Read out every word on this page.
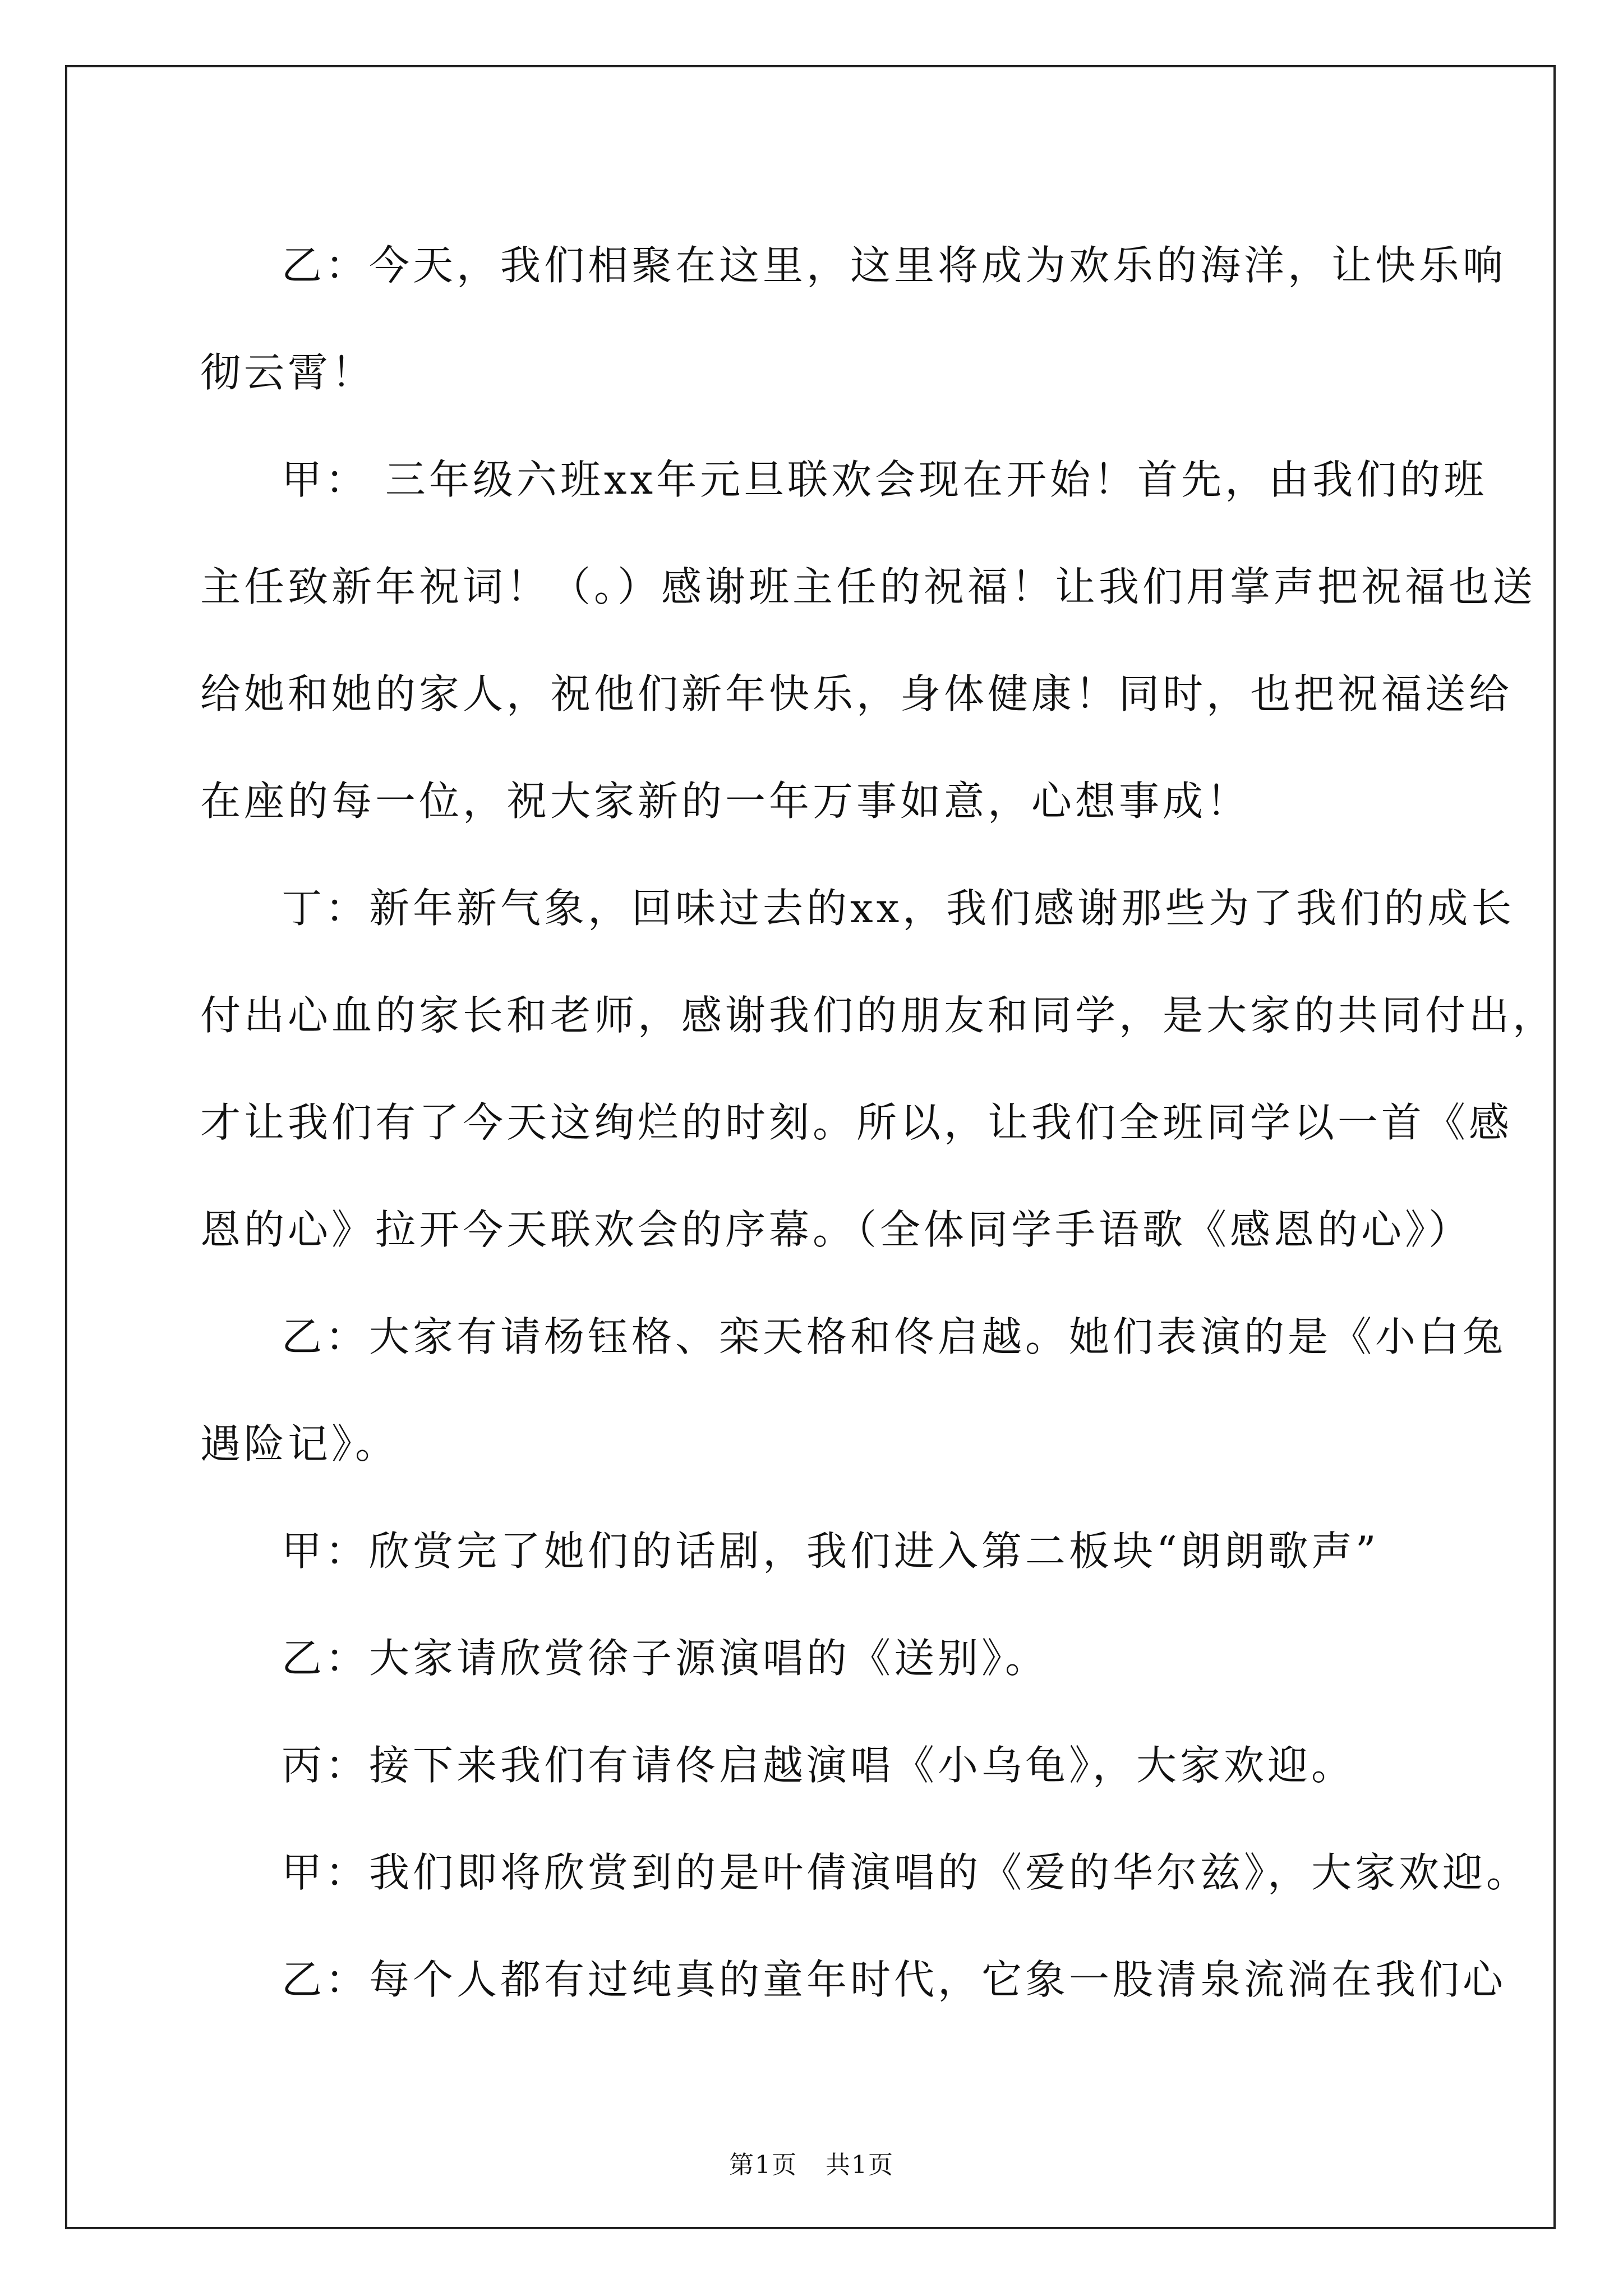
乙：今天，我们相聚在这里，这里将成为欢乐的海洋，让快乐响
彻云霄！
甲： 三年级六班xx年元旦联欢会现在开始！首先，由我们的班
主任致新年祝词！（。）感谢班主任的祝福！让我们用掌声把祝福也送
给她和她的家人，祝他们新年快乐，身体健康！同时，也把祝福送给
在座的每一位，祝大家新的一年万事如意，心想事成！
丁：新年新气象，回味过去的xx，我们感谢那些为了我们的成长
付出心血的家长和老师，感谢我们的朋友和同学，是大家的共同付出，
才让我们有了今天这绚烂的时刻。所以，让我们全班同学以一首《感
恩的心》拉开今天联欢会的序幕。（全体同学手语歌《感恩的心》）
乙：大家有请杨钰格、栾天格和佟启越。她们表演的是《小白兔
遇险记》。
甲：欣赏完了她们的话剧，我们进入第二板块“朗朗歌声”
乙：大家请欣赏徐子源演唱的《送别》。
丙：接下来我们有请佟启越演唱《小乌龟》，大家欢迎。
甲：我们即将欣赏到的是叶倩演唱的《爱的华尔兹》，大家欢迎。
乙：每个人都有过纯真的童年时代，它象一股清泉流淌在我们心
第1页 共1页
